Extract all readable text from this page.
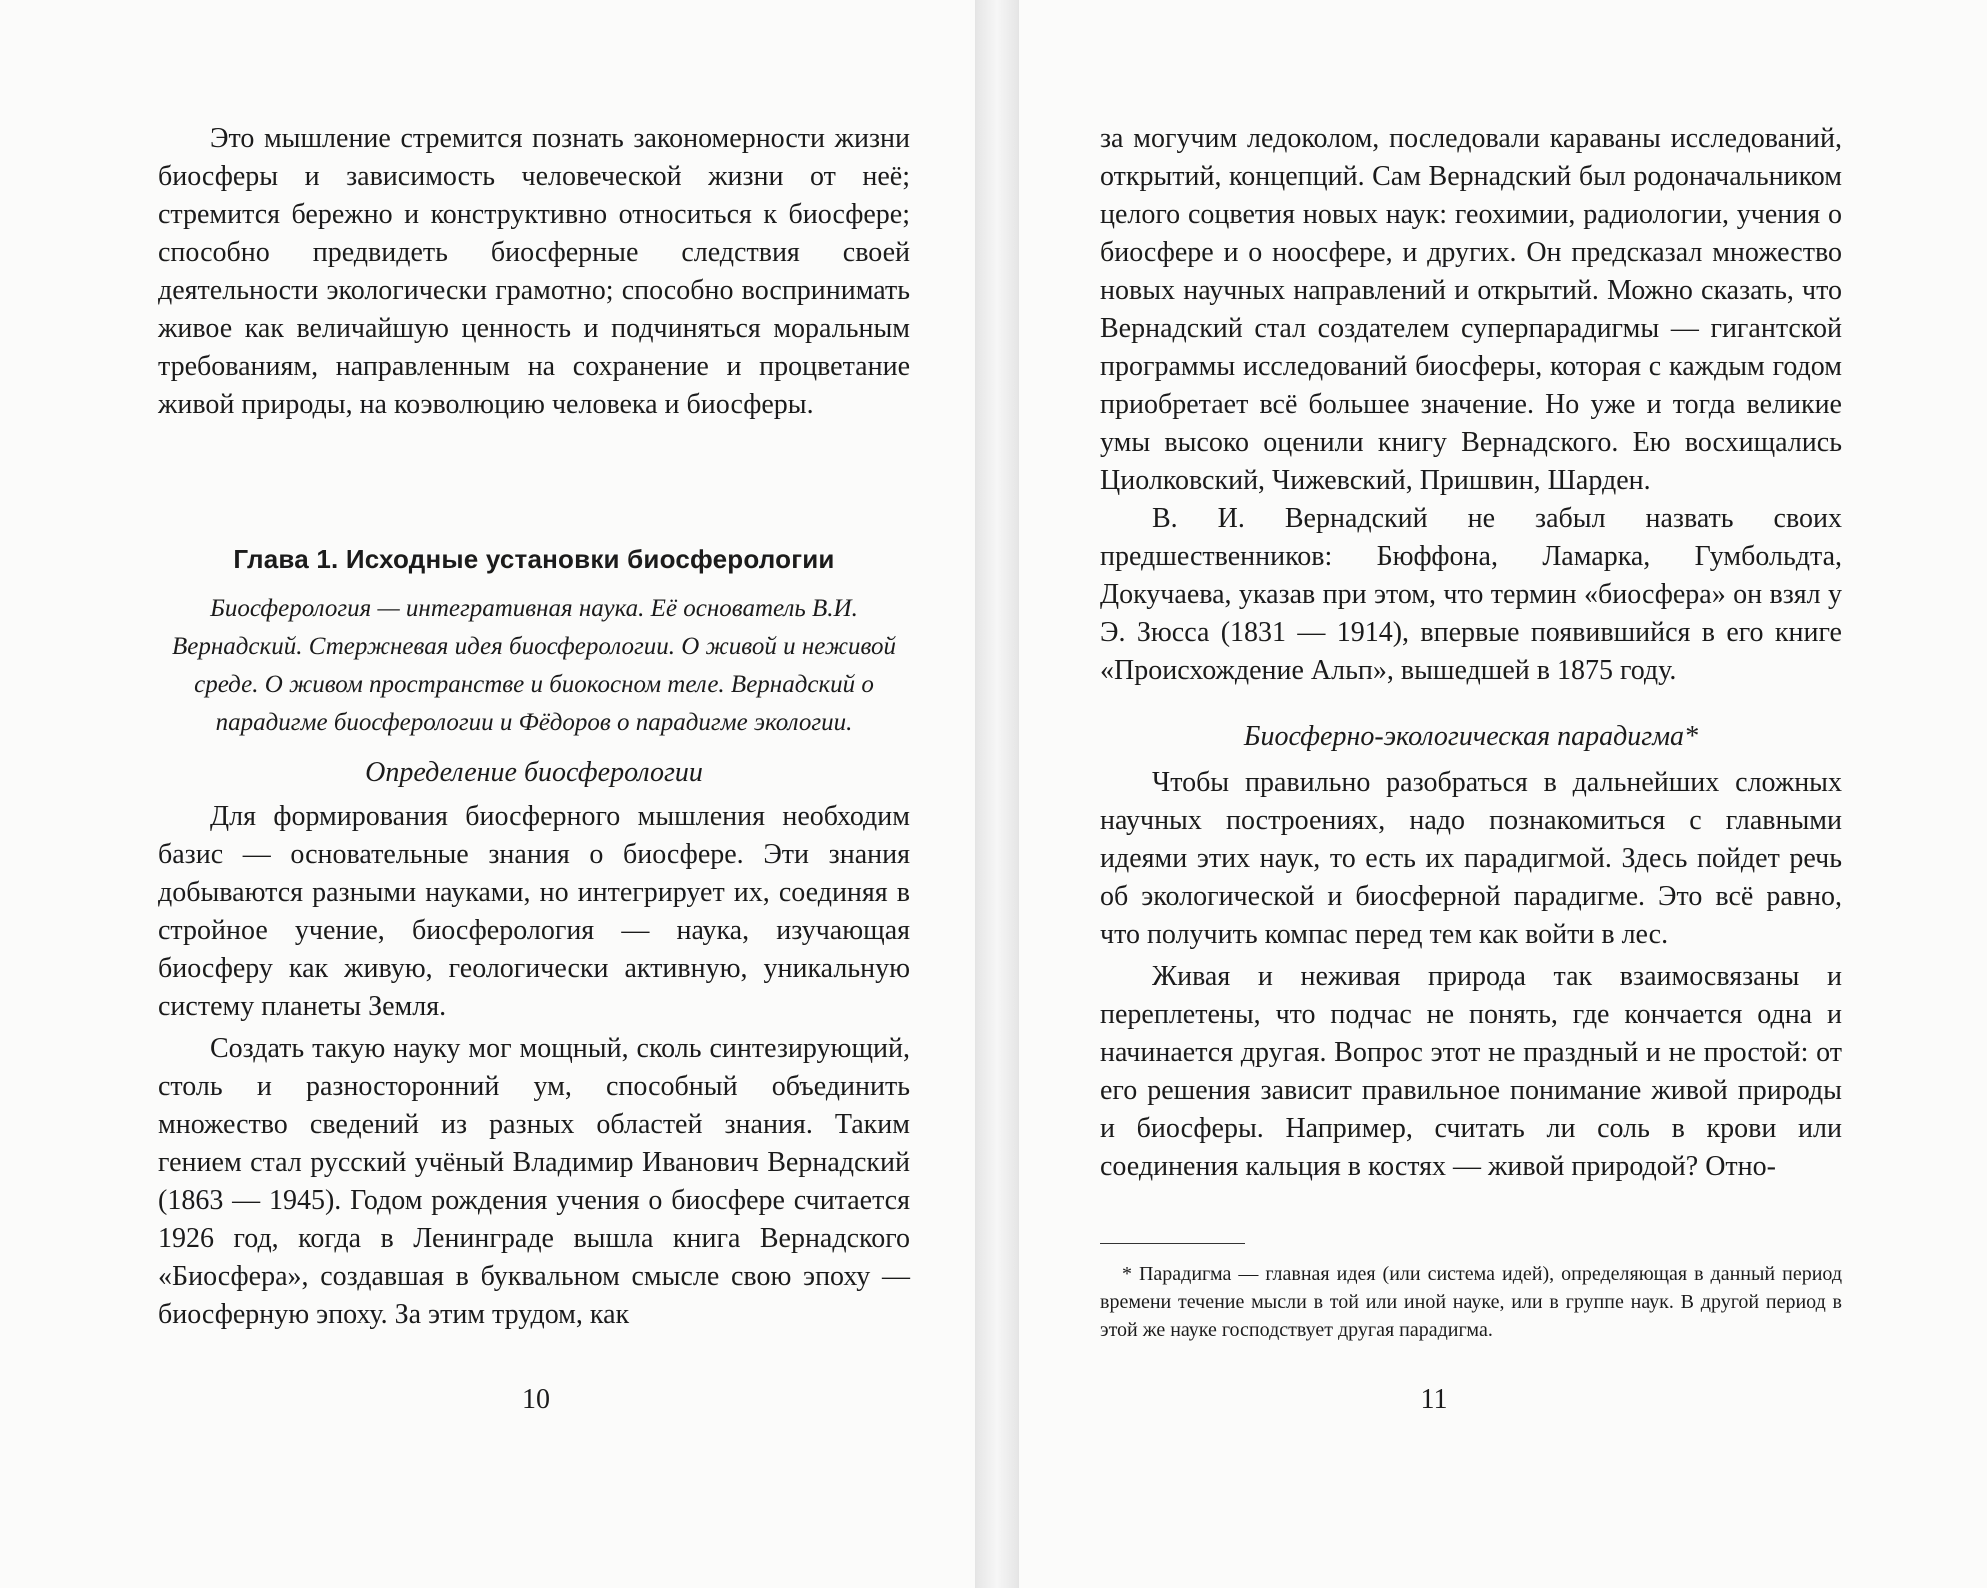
Это мышление стремится познать закономерности жизни биосферы и зависимость человеческой жизни от неё; стремится бережно и конструктивно относиться к биосфере; способно предвидеть биосферные следствия своей деятельности экологически грамотно; способно воспринимать живое как величайшую ценность и подчиняться моральным требованиям, направленным на сохранение и процветание живой природы, на коэволюцию человека и биосферы.

Глава 1. Исходные установки биосферологии

Биосферология — интегративная наука. Её основатель В.И. Вернадский. Стержневая идея биосферологии. О живой и неживой среде. О живом пространстве и биокосном теле. Вернадский о парадигме биосферологии и Фёдоров о парадигме экологии.

Определение биосферологии

Для формирования биосферного мышления необходим базис — основательные знания о биосфере. Эти знания добываются разными науками, но интегрирует их, соединяя в стройное учение, биосферология — наука, изучающая биосферу как живую, геологически активную, уникальную систему планеты Земля.

Создать такую науку мог мощный, сколь синтезирующий, столь и разносторонний ум, способный объединить множество сведений из разных областей знания. Таким гением стал русский учёный Владимир Иванович Вернадский (1863 — 1945). Годом рождения учения о биосфере считается 1926 год, когда в Ленинграде вышла книга Вернадского «Биосфера», создавшая в буквальном смысле свою эпоху — биосферную эпоху. За этим трудом, как

10

за могучим ледоколом, последовали караваны исследований, открытий, концепций. Сам Вернадский был родоначальником целого соцветия новых наук: геохимии, радиологии, учения о биосфере и о ноосфере, и других. Он предсказал множество новых научных направлений и открытий. Можно сказать, что Вернадский стал создателем суперпарадигмы — гигантской программы исследований биосферы, которая с каждым годом приобретает всё большее значение. Но уже и тогда великие умы высоко оценили книгу Вернадского. Ею восхищались Циолковский, Чижевский, Пришвин, Шарден.

В. И. Вернадский не забыл назвать своих предшественников: Бюффона, Ламарка, Гумбольдта, Докучаева, указав при этом, что термин «биосфера» он взял у Э. Зюсса (1831 — 1914), впервые появившийся в его книге «Происхождение Альп», вышедшей в 1875 году.

Биосферно-экологическая парадигма*

Чтобы правильно разобраться в дальнейших сложных научных построениях, надо познакомиться с главными идеями этих наук, то есть их парадигмой. Здесь пойдет речь об экологической и биосферной парадигме. Это всё равно, что получить компас перед тем как войти в лес.

Живая и неживая природа так взаимосвязаны и переплетены, что подчас не понять, где кончается одна и начинается другая. Вопрос этот не праздный и не простой: от его решения зависит правильное понимание живой природы и биосферы. Например, считать ли соль в крови или соединения кальция в костях — живой природой? Отно-

* Парадигма — главная идея (или система идей), определяющая в данный период времени течение мысли в той или иной науке, или в группе наук. В другой период в этой же науке господствует другая парадигма.
11
